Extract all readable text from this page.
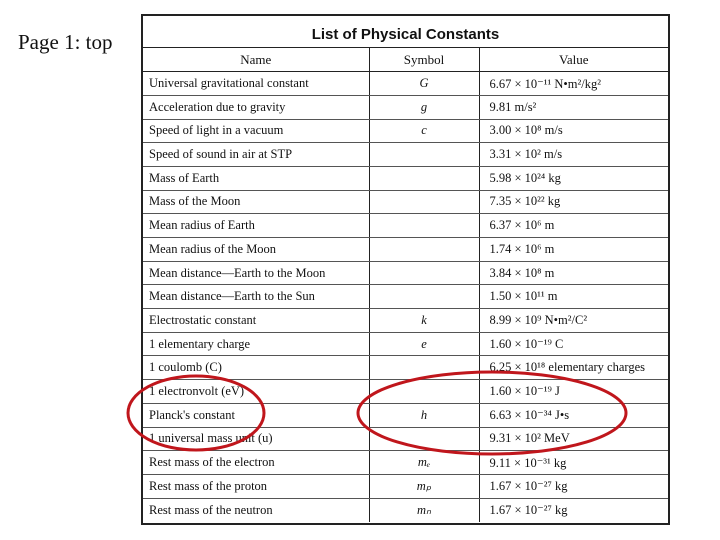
Page 1: top	List of Physical Constants
Name	Symbol	Value
Universal gravitational constant	G	6.67 × 10⁻¹¹ N•m²/kg²
Acceleration due to gravity	g	9.81 m/s²
Speed of light in a vacuum	c	3.00 × 10⁸ m/s
Speed of sound in air at STP		3.31 × 10² m/s
Mass of Earth		5.98 × 10²⁴ kg
Mass of the Moon		7.35 × 10²² kg
Mean radius of Earth		6.37 × 10⁶ m
Mean radius of the Moon		1.74 × 10⁶ m
Mean distance—Earth to the Moon		3.84 × 10⁸ m
Mean distance—Earth to the Sun		1.50 × 10¹¹ m
Electrostatic constant	k	8.99 × 10⁹ N•m²/C²
1 elementary charge	e	1.60 × 10⁻¹⁹ C
1 coulomb (C)		6.25 × 10¹⁸ elementary charges
1 electronvolt (eV)		1.60 × 10⁻¹⁹ J
Planck's constant	h	6.63 × 10⁻³⁴ J•s
1 universal mass unit (u)		9.31 × 10² MeV
Rest mass of the electron	mₑ	9.11 × 10⁻³¹ kg
Rest mass of the proton	mₚ	1.67 × 10⁻²⁷ kg
Rest mass of the neutron	mₙ	1.67 × 10⁻²⁷ kg
